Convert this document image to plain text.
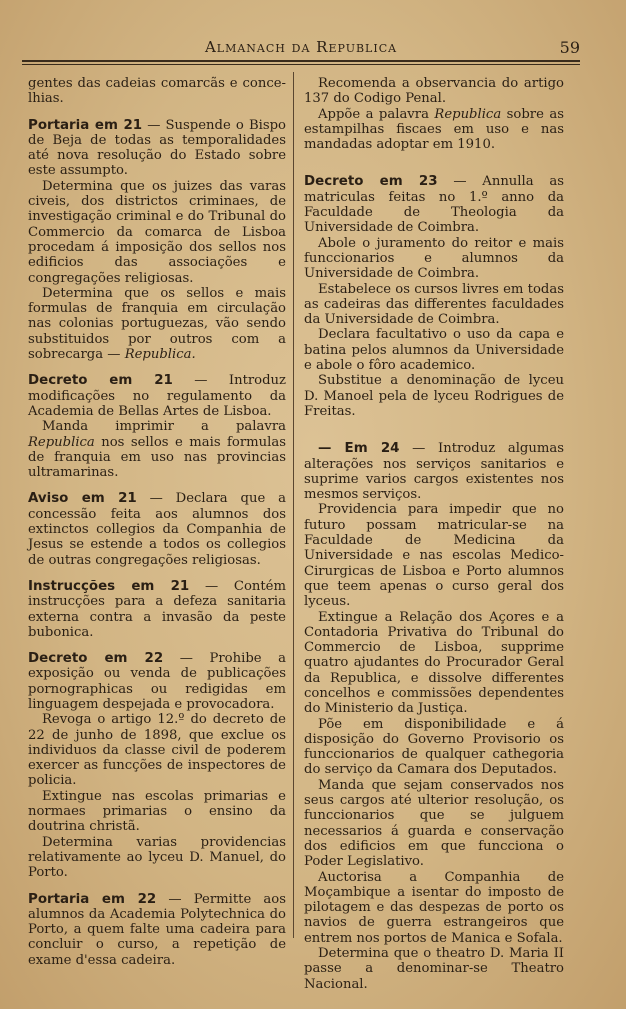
Almanach da Republica	59

gentes das cadeias comarcãs e conce-lhias.

Portaria em 21 — Suspende o Bispo de Beja de todas as temporalidades até nova resolução do Estado sobre este assumpto.

Determina que os juizes das varas civeis, dos districtos criminaes, de investigação criminal e do Tribunal do Commercio da comarca de Lisboa procedam á imposição dos sellos nos edificios das associações e congregações religiosas.

Determina que os sellos e mais formulas de franquia em circulação nas colonias portuguezas, vão sendo substituidos por outros com a sobrecarga — Republica.

Decreto em 21 — Introduz modificações no regulamento da Academia de Bellas Artes de Lisboa.

Manda imprimir a palavra Republica nos sellos e mais formulas de franquia em uso nas provincias ultramarinas.

Aviso em 21 — Declara que a concessão feita aos alumnos dos extinctos collegios da Companhia de Jesus se estende a todos os collegios de outras congregações religiosas.

Instrucções em 21 — Contém instrucções para a defeza sanitaria externa contra a invasão da peste bubonica.

Decreto em 22 — Prohibe a exposição ou venda de publicações pornographicas ou redigidas em linguagem despejada e provocadora.

Revoga o artigo 12.º do decreto de 22 de junho de 1898, que exclue os individuos da classe civil de poderem exercer as funcções de inspectores de policia.

Extingue nas escolas primarias e normaes primarias o ensino da doutrina christã.

Determina varias providencias relativamente ao lyceu D. Manuel, do Porto.

Portaria em 22 — Permitte aos alumnos da Academia Polytechnica do Porto, a quem falte uma cadeira para concluir o curso, a repetição de exame d'essa cadeira.

Recomenda a observancia do artigo 137 do Codigo Penal.

Appõe a palavra Republica sobre as estampilhas fiscaes em uso e nas mandadas adoptar em 1910.

Decreto em 23 — Annulla as matriculas feitas no 1.º anno da Faculdade de Theologia da Universidade de Coimbra.

Abole o juramento do reitor e mais funccionarios e alumnos da Universidade de Coimbra.

Estabelece os cursos livres em todas as cadeiras das differentes faculdades da Universidade de Coimbra.

Declara facultativo o uso da capa e batina pelos alumnos da Universidade e abole o fôro academico.

Substitue a denominação de lyceu D. Manoel pela de lyceu Rodrigues de Freitas.

— Em 24 — Introduz algumas alterações nos serviços sanitarios e suprime varios cargos existentes nos mesmos serviços.

Providencia para impedir que no futuro possam matricular-se na Faculdade de Medicina da Universidade e nas escolas Medico-Cirurgicas de Lisboa e Porto alumnos que teem apenas o curso geral dos lyceus.

Extingue a Relação dos Açores e a Contadoria Privativa do Tribunal do Commercio de Lisboa, supprime quatro ajudantes do Procurador Geral da Republica, e dissolve differentes concelhos e commissões dependentes do Ministerio da Justiça.

Põe em disponibilidade e á disposição do Governo Provisorio os funccionarios de qualquer cathegoria do serviço da Camara dos Deputados.

Manda que sejam conservados nos seus cargos até ulterior resolução, os funccionarios que se julguem necessarios á guarda e conservação dos edificios em que funcciona o Poder Legislativo.

Auctorisa a Companhia de Moçambique a isentar do imposto de pilotagem e das despezas de porto os navios de guerra estrangeiros que entrem nos portos de Manica e Sofala.

Determina que o theatro D. Maria II passe a denominar-se Theatro Nacional.
